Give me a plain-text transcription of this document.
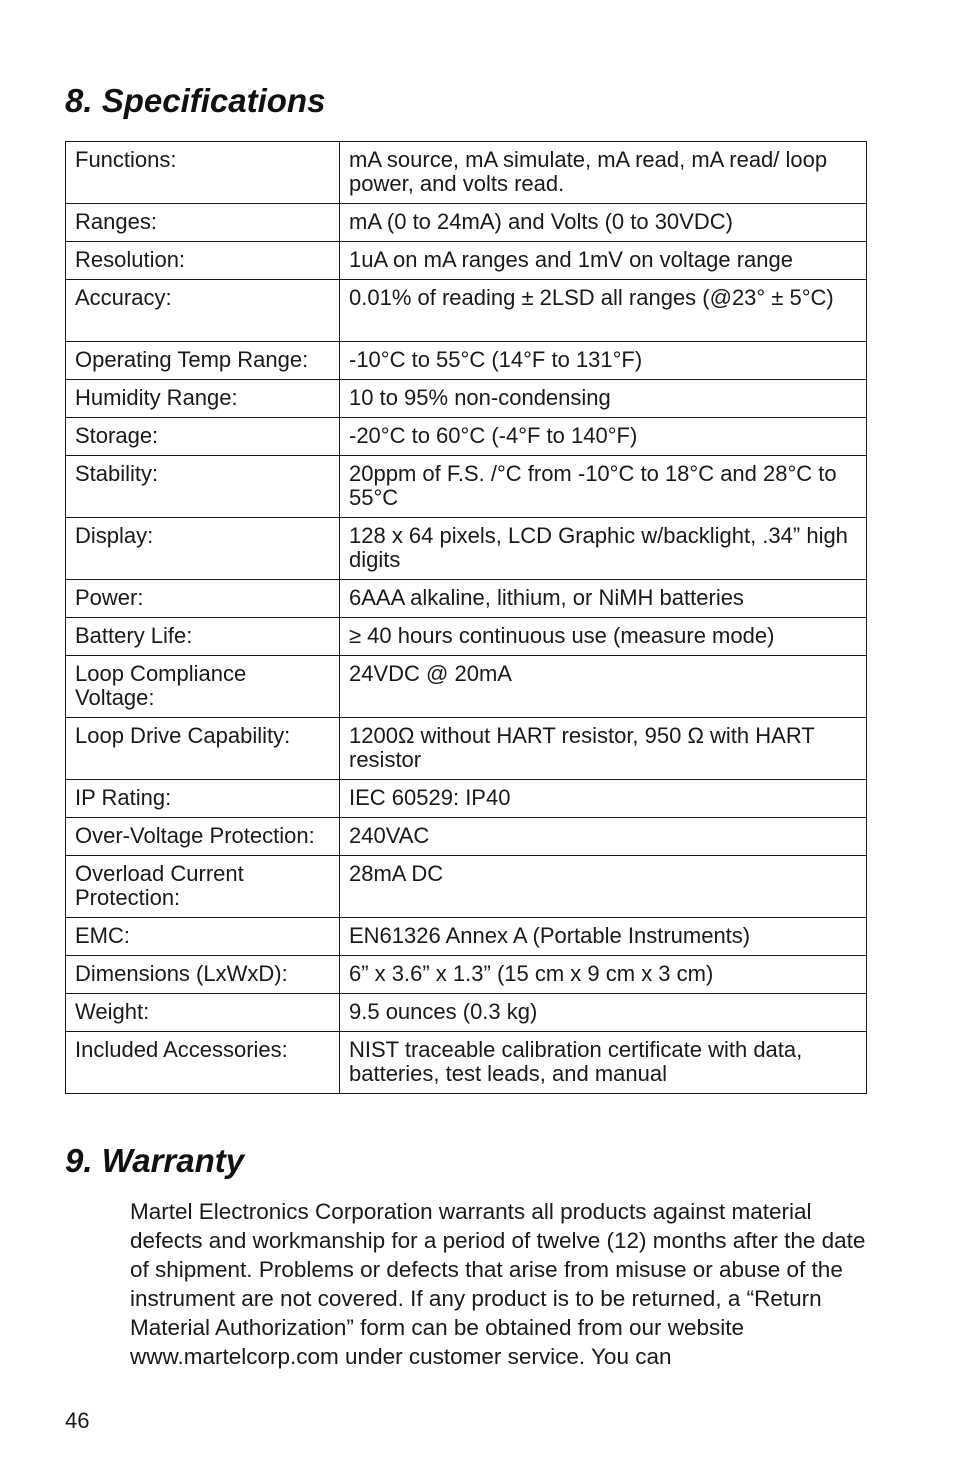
8. Specifications
Functions:	mA source, mA simulate, mA read, mA read/ loop power, and volts read.
Ranges:	mA (0 to 24mA) and Volts (0 to 30VDC)
Resolution:	1uA on mA ranges and 1mV on voltage range
Accuracy:	0.01% of reading ± 2LSD all ranges (@23° ± 5°C)
Operating Temp Range:	-10°C to 55°C (14°F to 131°F)
Humidity Range:	10 to 95% non-condensing
Storage:	-20°C to 60°C (-4°F to 140°F)
Stability:	20ppm of F.S. /°C from -10°C to 18°C and 28°C to 55°C
Display:	128 x 64 pixels, LCD Graphic w/backlight, .34” high digits
Power:	6AAA alkaline, lithium, or NiMH batteries
Battery Life:	≥ 40 hours continuous use (measure mode)
Loop Compliance Voltage:	24VDC @ 20mA
Loop Drive Capability:	1200Ω without HART resistor, 950 Ω with HART resistor
IP Rating:	IEC 60529: IP40
Over-Voltage Protection:	240VAC
Overload Current Protection:	28mA DC
EMC:	EN61326 Annex A (Portable Instruments)
Dimensions (LxWxD):	6” x 3.6” x 1.3” (15 cm x 9 cm x 3 cm)
Weight:	9.5 ounces (0.3 kg)
Included Accessories:	NIST traceable calibration certificate with data, batteries, test leads, and manual
9. Warranty

Martel Electronics Corporation warrants all products against material defects and workmanship for a period of twelve (12) months after the date of shipment. Problems or defects that arise from misuse or abuse of the instrument are not covered. If any product is to be returned, a “Return Material Authorization” form can be obtained from our website www.martelcorp.com under customer service. You can

46
